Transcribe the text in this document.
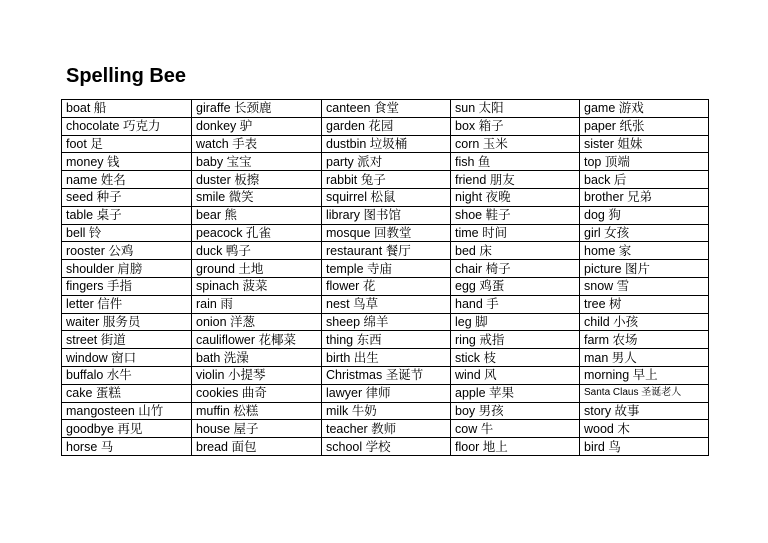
Spelling Bee
boat 船	giraffe 长颈鹿	canteen 食堂	sun 太阳	game 游戏
chocolate 巧克力	donkey 驴	garden 花园	box 箱子	paper 纸张
foot 足	watch 手表	dustbin 垃圾桶	corn 玉米	sister 姐妹
money 钱	baby 宝宝	party 派对	fish 鱼	top 顶端
name 姓名	duster 板擦	rabbit 兔子	friend 朋友	back 后
seed 种子	smile 微笑	squirrel 松鼠	night 夜晚	brother 兄弟
table 桌子	bear 熊	library 图书馆	shoe 鞋子	dog 狗
bell 铃	peacock 孔雀	mosque 回教堂	time 时间	girl 女孩
rooster 公鸡	duck 鸭子	restaurant 餐厅	bed 床	home 家
shoulder 肩膀	ground 土地	temple 寺庙	chair 椅子	picture 图片
fingers 手指	spinach 菠菜	flower 花	egg 鸡蛋	snow 雪
letter 信件	rain 雨	nest 鸟草	hand 手	tree 树
waiter 服务员	onion 洋葱	sheep 绵羊	leg 脚	child 小孩
street 街道	cauliflower 花椰菜	thing 东西	ring 戒指	farm 农场
window 窗口	bath 洗澡	birth 出生	stick 枝	man 男人
buffalo 水牛	violin 小提琴	Christmas 圣诞节	wind 风	morning 早上
cake 蛋糕	cookies 曲奇	lawyer 律师	apple 苹果	Santa Claus 圣诞老人
mangosteen 山竹	muffin 松糕	milk 牛奶	boy 男孩	story 故事
goodbye 再见	house 屋子	teacher 教师	cow 牛	wood 木
horse 马	bread 面包	school 学校	floor 地上	bird 鸟
